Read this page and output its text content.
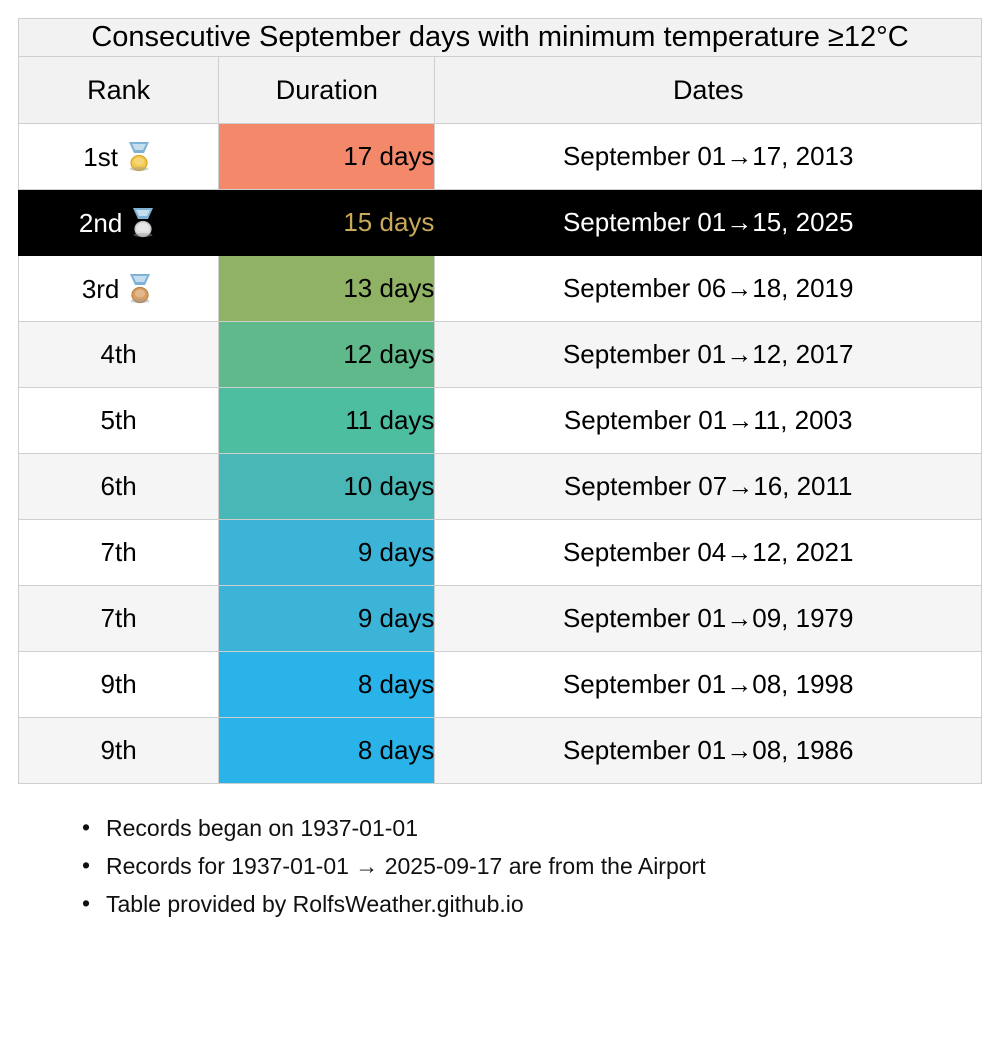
Consecutive September days with minimum temperature ≥12°C		
Rank	Duration	Dates
1st	17 days	September 01→17, 2013
2nd	15 days	September 01→15, 2025
3rd	13 days	September 06→18, 2019
4th	12 days	September 01→12, 2017
5th	11 days	September 01→11, 2003
6th	10 days	September 07→16, 2011
7th	9 days	September 04→12, 2021
7th	9 days	September 01→09, 1979
9th	8 days	September 01→08, 1998
9th	8 days	September 01→08, 1986
• Records began on 1937-01-01
• Records for 1937-01-01 → 2025-09-17 are from the Airport
• Table provided by RolfsWeather.github.io
